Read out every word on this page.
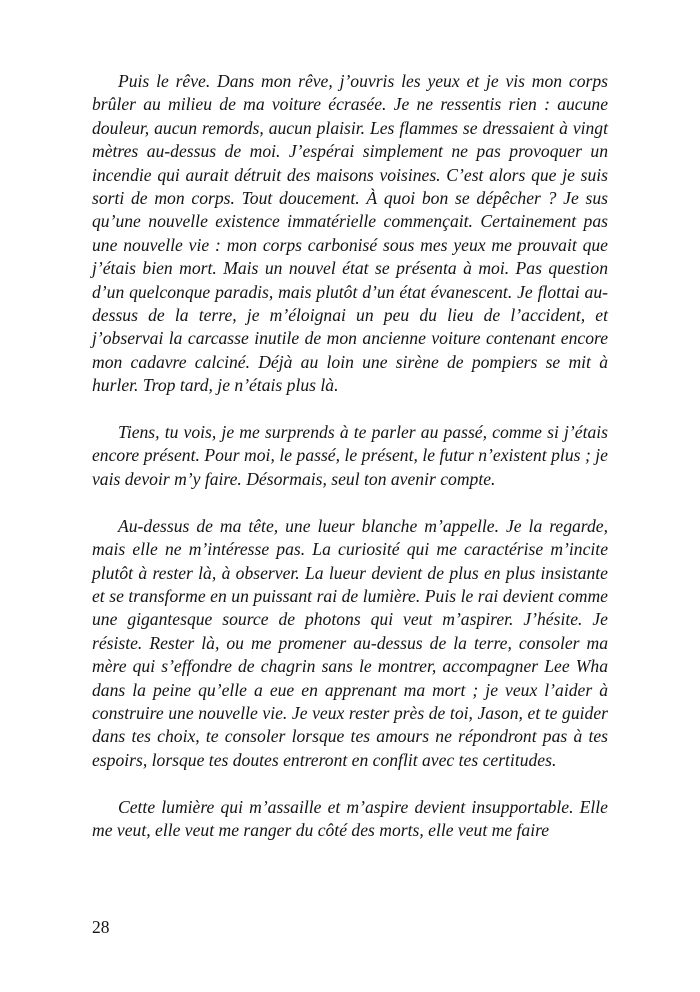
Puis le rêve. Dans mon rêve, j’ouvris les yeux et je vis mon corps brûler au milieu de ma voiture écrasée. Je ne ressentis rien : aucune douleur, aucun remords, aucun plaisir. Les flammes se dressaient à vingt mètres au-dessus de moi. J’espérai simplement ne pas provoquer un incendie qui aurait détruit des maisons voisines. C’est alors que je suis sorti de mon corps. Tout doucement. À quoi bon se dépêcher ? Je sus qu’une nouvelle existence immatérielle commençait. Certainement pas une nouvelle vie : mon corps carbonisé sous mes yeux me prouvait que j’étais bien mort. Mais un nouvel état se présenta à moi. Pas question d’un quelconque paradis, mais plutôt d’un état évanescent. Je flottai au-dessus de la terre, je m’éloignai un peu du lieu de l’accident, et j’observai la carcasse inutile de mon ancienne voiture contenant encore mon cadavre calciné. Déjà au loin une sirène de pompiers se mit à hurler. Trop tard, je n’étais plus là.

Tiens, tu vois, je me surprends à te parler au passé, comme si j’étais encore présent. Pour moi, le passé, le présent, le futur n’existent plus ; je vais devoir m’y faire. Désormais, seul ton avenir compte.

Au-dessus de ma tête, une lueur blanche m’appelle. Je la regarde, mais elle ne m’intéresse pas. La curiosité qui me caractérise m’incite plutôt à rester là, à observer. La lueur devient de plus en plus insistante et se transforme en un puissant rai de lumière. Puis le rai devient comme une gigantesque source de photons qui veut m’aspirer. J’hésite. Je résiste. Rester là, ou me promener au-dessus de la terre, consoler ma mère qui s’effondre de chagrin sans le montrer, accompagner Lee Wha dans la peine qu’elle a eue en apprenant ma mort ; je veux l’aider à construire une nouvelle vie. Je veux rester près de toi, Jason, et te guider dans tes choix, te consoler lorsque tes amours ne répondront pas à tes espoirs, lorsque tes doutes entreront en conflit avec tes certitudes.

Cette lumière qui m’assaille et m’aspire devient insupportable. Elle me veut, elle veut me ranger du côté des morts, elle veut me faire

28
